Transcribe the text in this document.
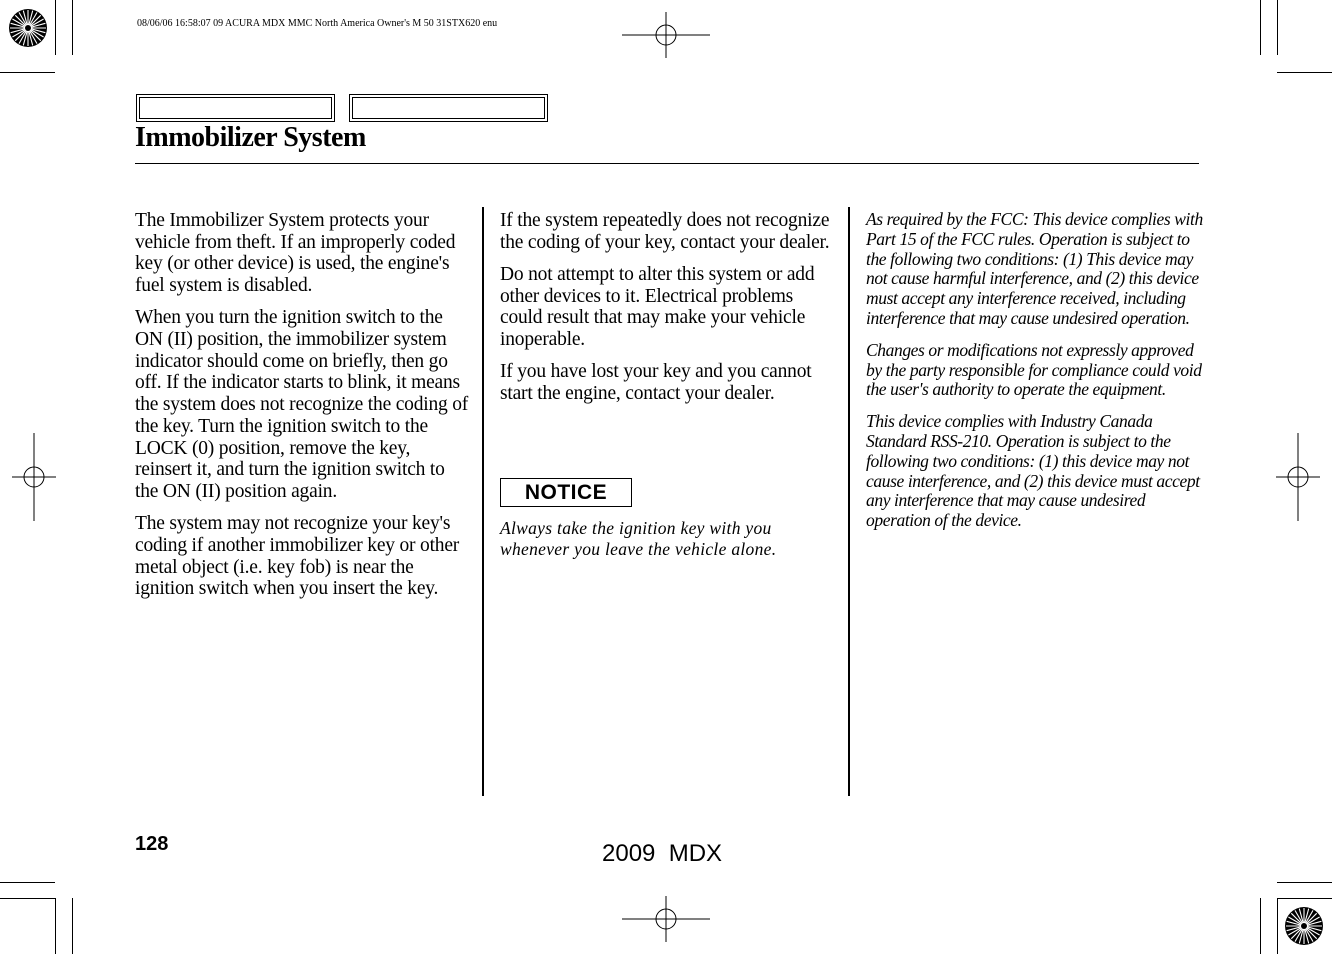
08/06/06 16:58:07 09 ACURA MDX MMC North America Owner's M 50 31STX620 enu
Immobilizer System

The Immobilizer System protects your vehicle from theft. If an improperly coded key (or other device) is used, the engine's fuel system is disabled.

When you turn the ignition switch to the ON (II) position, the immobilizer system indicator should come on briefly, then go off. If the indicator starts to blink, it means the system does not recognize the coding of the key. Turn the ignition switch to the LOCK (0) position, remove the key, reinsert it, and turn the ignition switch to the ON (II) position again.

The system may not recognize your key's coding if another immobilizer key or other metal object (i.e. key fob) is near the ignition switch when you insert the key.

If the system repeatedly does not recognize the coding of your key, contact your dealer.

Do not attempt to alter this system or add other devices to it. Electrical problems could result that may make your vehicle inoperable.

If you have lost your key and you cannot start the engine, contact your dealer.

NOTICE
Always take the ignition key with you whenever you leave the vehicle alone.

As required by the FCC: This device complies with Part 15 of the FCC rules. Operation is subject to the following two conditions: (1) This device may not cause harmful interference, and (2) this device must accept any interference received, including interference that may cause undesired operation.

Changes or modifications not expressly approved by the party responsible for compliance could void the user's authority to operate the equipment.

This device complies with Industry Canada Standard RSS-210. Operation is subject to the following two conditions: (1) this device may not cause interference, and (2) this device must accept any interference that may cause undesired operation of the device.

128	2009  MDX
